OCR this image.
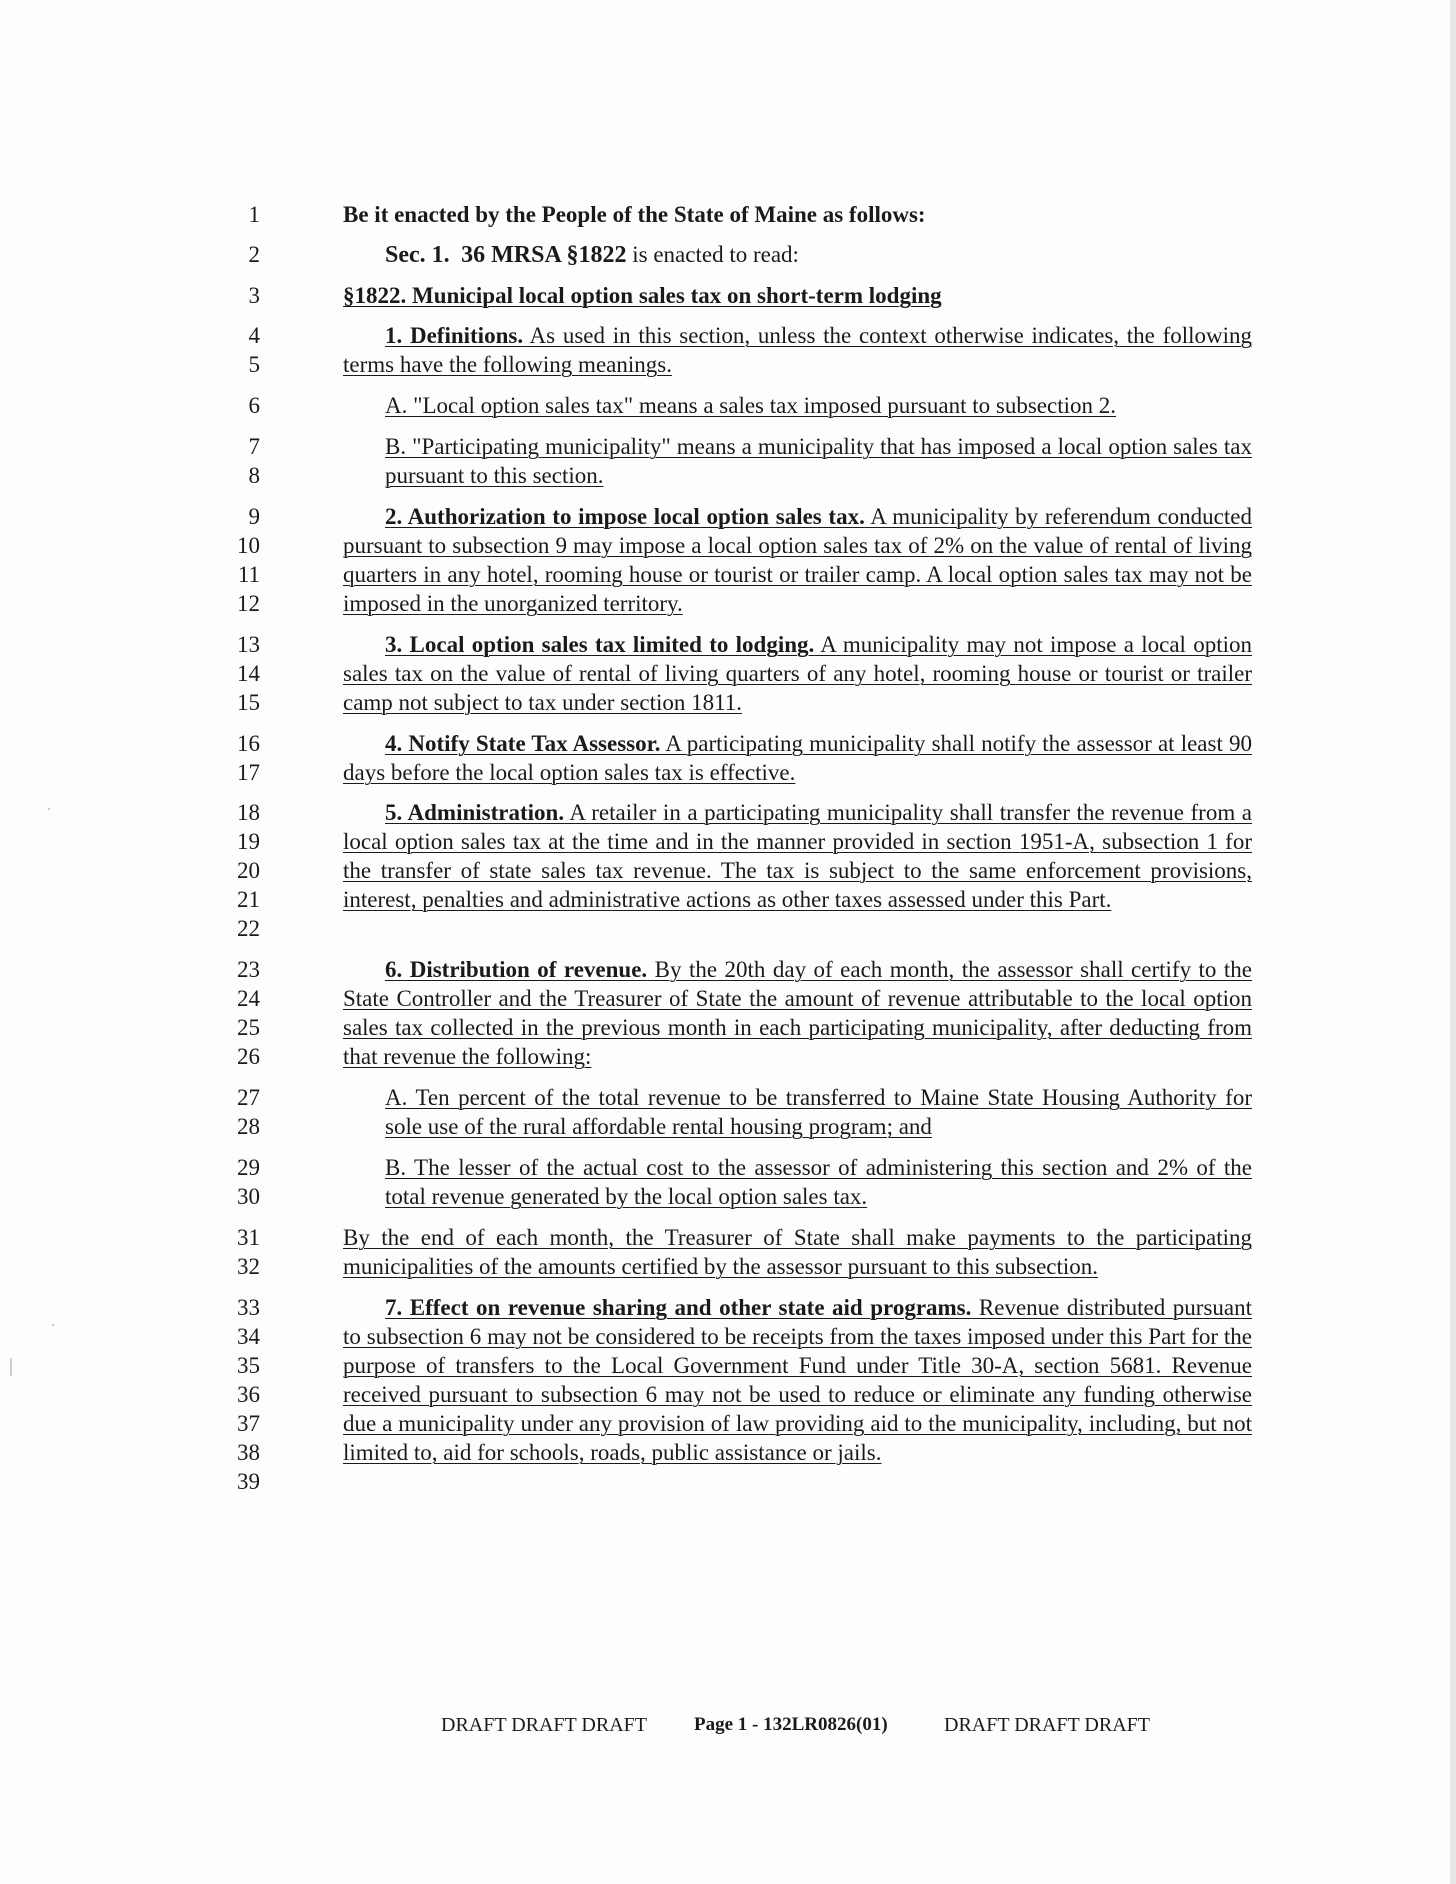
1
2
3
4
5
6
7
8
9
10
11
12
13
14
15
16
17
18
19
20
21
22
23
24
25
26
27
28
29
30
31
32
33
34
35
36
37
38
39
Be it enacted by the People of the State of Maine as follows:
Sec. 1. 36 MRSA §1822 is enacted to read:
§1822. Municipal local option sales tax on short-term lodging
1. Definitions. As used in this section, unless the context otherwise indicates, the following terms have the following meanings.
A. "Local option sales tax" means a sales tax imposed pursuant to subsection 2.
B. "Participating municipality" means a municipality that has imposed a local option sales tax pursuant to this section.
2. Authorization to impose local option sales tax. A municipality by referendum conducted pursuant to subsection 9 may impose a local option sales tax of 2% on the value of rental of living quarters in any hotel, rooming house or tourist or trailer camp. A local option sales tax may not be imposed in the unorganized territory.
3. Local option sales tax limited to lodging. A municipality may not impose a local option sales tax on the value of rental of living quarters of any hotel, rooming house or tourist or trailer camp not subject to tax under section 1811.
4. Notify State Tax Assessor. A participating municipality shall notify the assessor at least 90 days before the local option sales tax is effective.
5. Administration. A retailer in a participating municipality shall transfer the revenue from a local option sales tax at the time and in the manner provided in section 1951-A, subsection 1 for the transfer of state sales tax revenue. The tax is subject to the same enforcement provisions, interest, penalties and administrative actions as other taxes assessed under this Part.
6. Distribution of revenue. By the 20th day of each month, the assessor shall certify to the State Controller and the Treasurer of State the amount of revenue attributable to the local option sales tax collected in the previous month in each participating municipality, after deducting from that revenue the following:
A. Ten percent of the total revenue to be transferred to Maine State Housing Authority for sole use of the rural affordable rental housing program; and
B. The lesser of the actual cost to the assessor of administering this section and 2% of the total revenue generated by the local option sales tax.
By the end of each month, the Treasurer of State shall make payments to the participating municipalities of the amounts certified by the assessor pursuant to this subsection.
7. Effect on revenue sharing and other state aid programs. Revenue distributed pursuant to subsection 6 may not be considered to be receipts from the taxes imposed under this Part for the purpose of transfers to the Local Government Fund under Title 30-A, section 5681. Revenue received pursuant to subsection 6 may not be used to reduce or eliminate any funding otherwise due a municipality under any provision of law providing aid to the municipality, including, but not limited to, aid for schools, roads, public assistance or jails.
DRAFT DRAFT DRAFT Page 1 - 132LR0826(01)	DRAFT DRAFT DRAFT
